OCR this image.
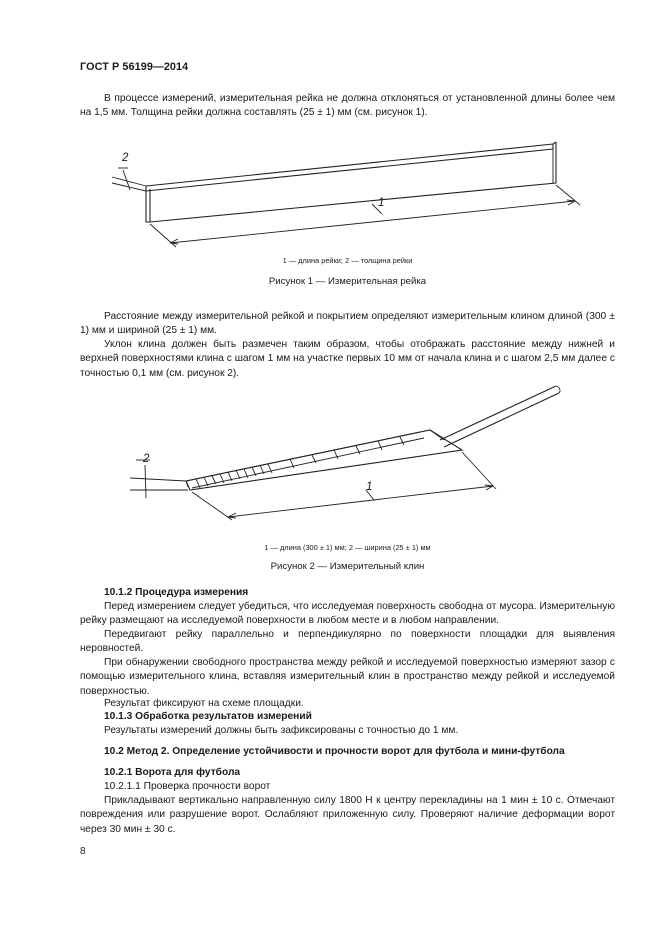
ГОСТ Р 56199—2014
В процессе измерений, измерительная рейка не должна отклоняться от установленной длины более чем на 1,5 мм. Толщина рейки должна составлять (25 ± 1) мм (см. рисунок 1).
2
1
1 — длина рейки; 2 — толщина рейки
Рисунок 1 — Измерительная рейка
Расстояние между измерительной рейкой и покрытием определяют измерительным клином длиной (300 ± 1) мм и шириной (25 ± 1) мм.
Уклон клина должен быть размечен таким образом, чтобы отображать расстояние между нижней и верхней поверхностями клина с шагом 1 мм на участке первых 10 мм от начала клина и с шагом 2,5 мм далее с точностью 0,1 мм (см. рисунок 2).
2
1
1 — длина (300 ± 1) мм; 2 — ширина (25 ± 1) мм
Рисунок 2 — Измерительный клин
10.1.2 Процедура измерения
Перед измерением следует убедиться, что исследуемая поверхность свободна от мусора. Измерительную рейку размещают на исследуемой поверхности в любом месте и в любом направлении.
Передвигают рейку параллельно и перпендикулярно по поверхности площадки для выявления неровностей.
При обнаружении свободного пространства между рейкой и исследуемой поверхностью измеряют зазор с помощью измерительного клина, вставляя измерительный клин в пространство между рейкой и исследуемой поверхностью.
Результат фиксируют на схеме площадки.
10.1.3 Обработка результатов измерений
Результаты измерений должны быть зафиксированы с точностью до 1 мм.
10.2 Метод 2. Определение устойчивости и прочности ворот для футбола и мини-футбола
10.2.1 Ворота для футбола
10.2.1.1 Проверка прочности ворот
Прикладывают вертикально направленную силу 1800 Н к центру перекладины на 1 мин ± 10 с. Отмечают повреждения или разрушение ворот. Ослабляют приложенную силу. Проверяют наличие деформации ворот через 30 мин ± 30 с.
8
